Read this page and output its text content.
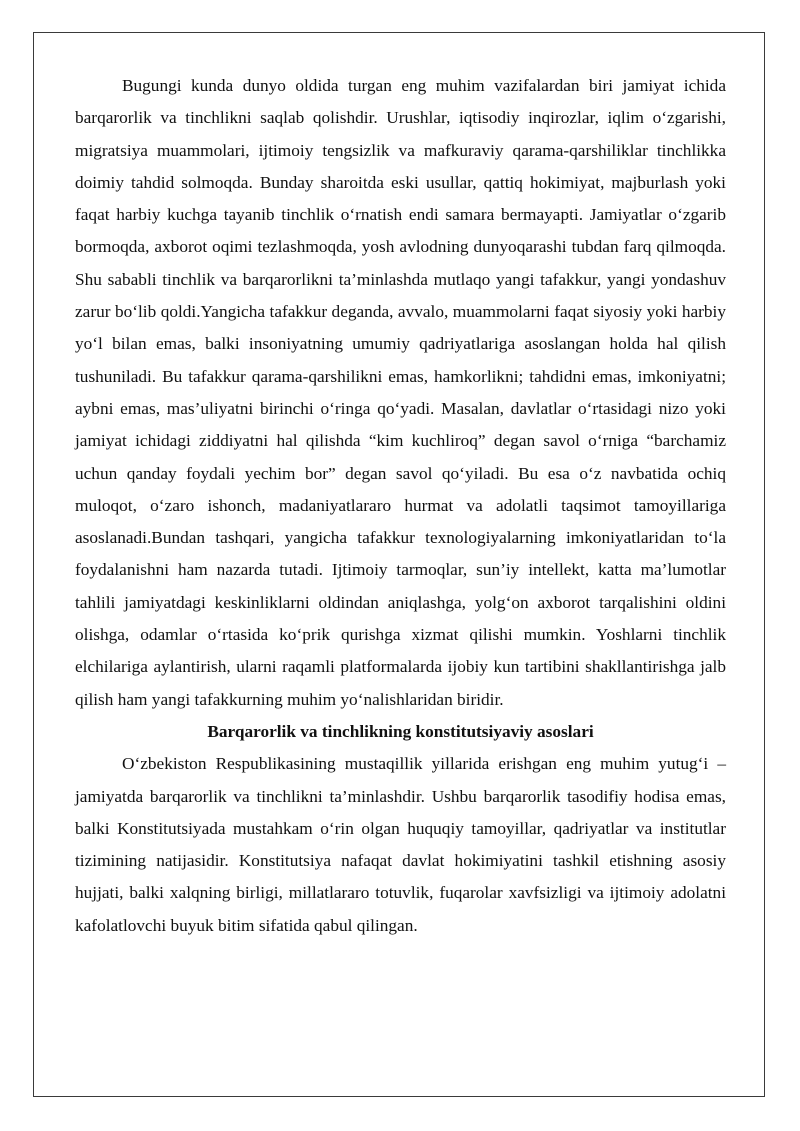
Bugungi kunda dunyo oldida turgan eng muhim vazifalardan biri jamiyat ichida barqarorlik va tinchlikni saqlab qolishdir. Urushlar, iqtisodiy inqirozlar, iqlim o‘zgarishi, migratsiya muammolari, ijtimoiy tengsizlik va mafkuraviy qarama-qarshiliklar tinchlikka doimiy tahdid solmoqda. Bunday sharoitda eski usullar, qattiq hokimiyat, majburlash yoki faqat harbiy kuchga tayanib tinchlik o‘rnatish endi samara bermayapti. Jamiyatlar o‘zgarib bormoqda, axborot oqimi tezlashmoqda, yosh avlodning dunyoqarashi tubdan farq qilmoqda. Shu sababli tinchlik va barqarorlikni ta’minlashda mutlaqo yangi tafakkur, yangi yondashuv zarur bo‘lib qoldi.Yangicha tafakkur deganda, avvalo, muammolarni faqat siyosiy yoki harbiy yo‘l bilan emas, balki insoniyatning umumiy qadriyatlariga asoslangan holda hal qilish tushuniladi. Bu tafakkur qarama-qarshilikni emas, hamkorlikni; tahdidni emas, imkoniyatni; aybni emas, mas’uliyatni birinchi o‘ringa qo‘yadi. Masalan, davlatlar o‘rtasidagi nizo yoki jamiyat ichidagi ziddiyatni hal qilishda “kim kuchliroq” degan savol o‘rniga “barchamiz uchun qanday foydali yechim bor” degan savol qo‘yiladi. Bu esa o‘z navbatida ochiq muloqot, o‘zaro ishonch, madaniyatlararo hurmat va adolatli taqsimot tamoyillariga asoslanadi.Bundan tashqari, yangicha tafakkur texnologiyalarning imkoniyatlaridan to‘la foydalanishni ham nazarda tutadi. Ijtimoiy tarmoqlar, sun’iy intellekt, katta ma’lumotlar tahlili jamiyatdagi keskinliklarni oldindan aniqlashga, yolg‘on axborot tarqalishini oldini olishga, odamlar o‘rtasida ko‘prik qurishga xizmat qilishi mumkin. Yoshlarni tinchlik elchilariga aylantirish, ularni raqamli platformalarda ijobiy kun tartibini shakllantirishga jalb qilish ham yangi tafakkurning muhim yo‘nalishlaridan biridir.

Barqarorlik va tinchlikning konstitutsiyaviy asoslari

O‘zbekiston Respublikasining mustaqillik yillarida erishgan eng muhim yutug‘i – jamiyatda barqarorlik va tinchlikni ta’minlashdir. Ushbu barqarorlik tasodifiy hodisa emas, balki Konstitutsiyada mustahkam o‘rin olgan huquqiy tamoyillar, qadriyatlar va institutlar tizimining natijasidir. Konstitutsiya nafaqat davlat hokimiyatini tashkil etishning asosiy hujjati, balki xalqning birligi, millatlararo totuvlik, fuqarolar xavfsizligi va ijtimoiy adolatni kafolatlovchi buyuk bitim sifatida qabul qilingan.
